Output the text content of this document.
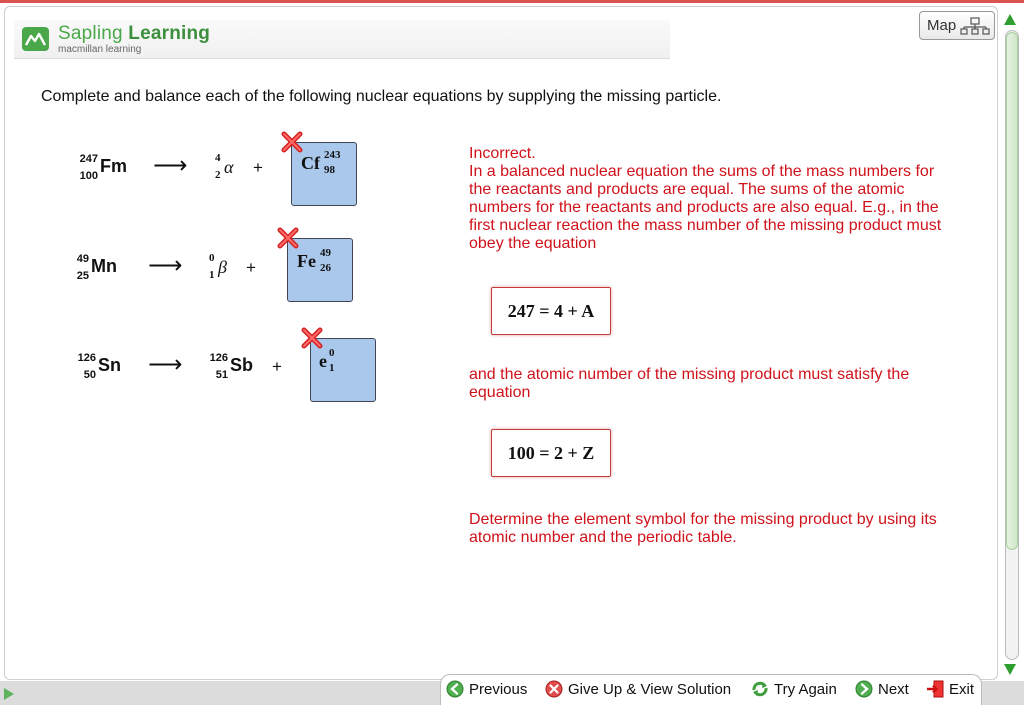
Sapling Learning
macmillan learning
Map
Complete and balance each of the following nuclear equations by supplying the missing particle.
247
100 Fm ⟶	4
2 α + Cf 243
98
49
25 Mn ⟶ 0
1 β + Fe 49
26
126
50 Sn ⟶ 126
51 Sb + e 0
1
Incorrect.
In a balanced nuclear equation the sums of the mass numbers for the reactants and products are equal. The sums of the atomic numbers for the reactants and products are also equal. E.g., in the first nuclear reaction the mass number of the missing product must obey the equation
247 = 4 + A
and the atomic number of the missing product must satisfy the equation
100 = 2 + Z
Determine the element symbol for the missing product by using its atomic number and the periodic table.
Previous	Give Up & View Solution	Try Again	Next	Exit
